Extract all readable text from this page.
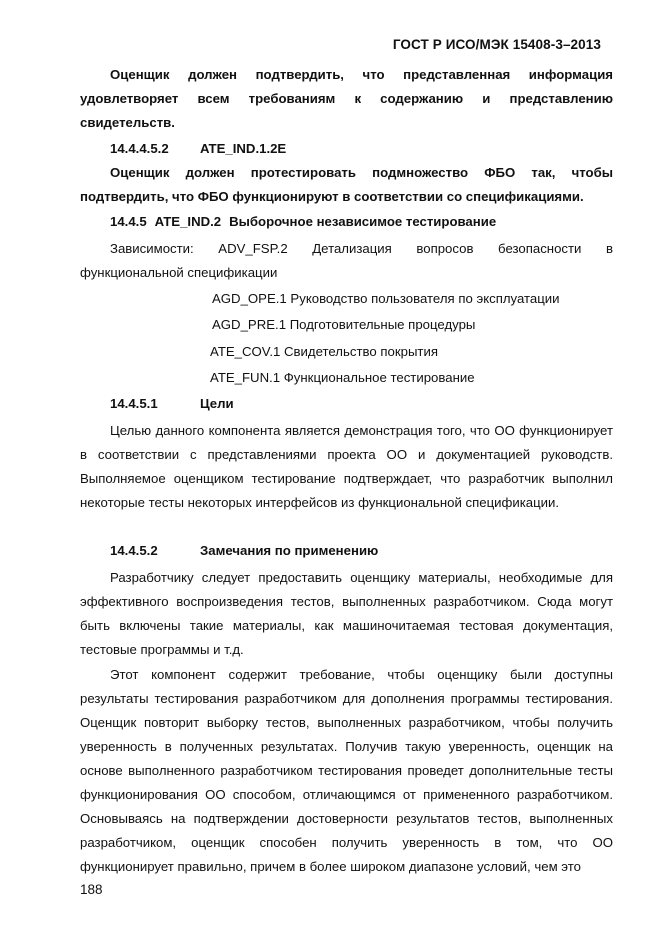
ГОСТ Р ИСО/МЭК 15408-3–2013
Оценщик должен подтвердить, что представленная информация удовлетворяет всем требованиям к содержанию и представлению свидетельств.
14.4.4.5.2 ATE_IND.1.2E
Оценщик должен протестировать подмножество ФБО так, чтобы подтвердить, что ФБО функционируют в соответствии со спецификациями.
14.4.5 ATE_IND.2 Выборочное независимое тестирование
Зависимости: ADV_FSP.2 Детализация вопросов безопасности в функциональной спецификации
AGD_OPE.1 Руководство пользователя по эксплуатации
AGD_PRE.1 Подготовительные процедуры
ATE_COV.1 Свидетельство покрытия
ATE_FUN.1 Функциональное тестирование
14.4.5.1	Цели
Целью данного компонента является демонстрация того, что ОО функционирует в соответствии с представлениями проекта ОО и документацией руководств. Выполняемое оценщиком тестирование подтверждает, что разработчик выполнил некоторые тесты некоторых интерфейсов из функциональной спецификации.
14.4.5.2	Замечания по применению
Разработчику следует предоставить оценщику материалы, необходимые для эффективного воспроизведения тестов, выполненных разработчиком. Сюда могут быть включены такие материалы, как машиночитаемая тестовая документация, тестовые программы и т.д.
Этот компонент содержит требование, чтобы оценщику были доступны результаты тестирования разработчиком для дополнения программы тестирования. Оценщик повторит выборку тестов, выполненных разработчиком, чтобы получить уверенность в полученных результатах. Получив такую уверенность, оценщик на основе выполненного разработчиком тестирования проведет дополнительные тесты функционирования ОО способом, отличающимся от примененного разработчиком. Основываясь на подтверждении достоверности результатов тестов, выполненных разработчиком, оценщик способен получить уверенность в том, что ОО функционирует правильно, причем в более широком диапазоне условий, чем это
188
